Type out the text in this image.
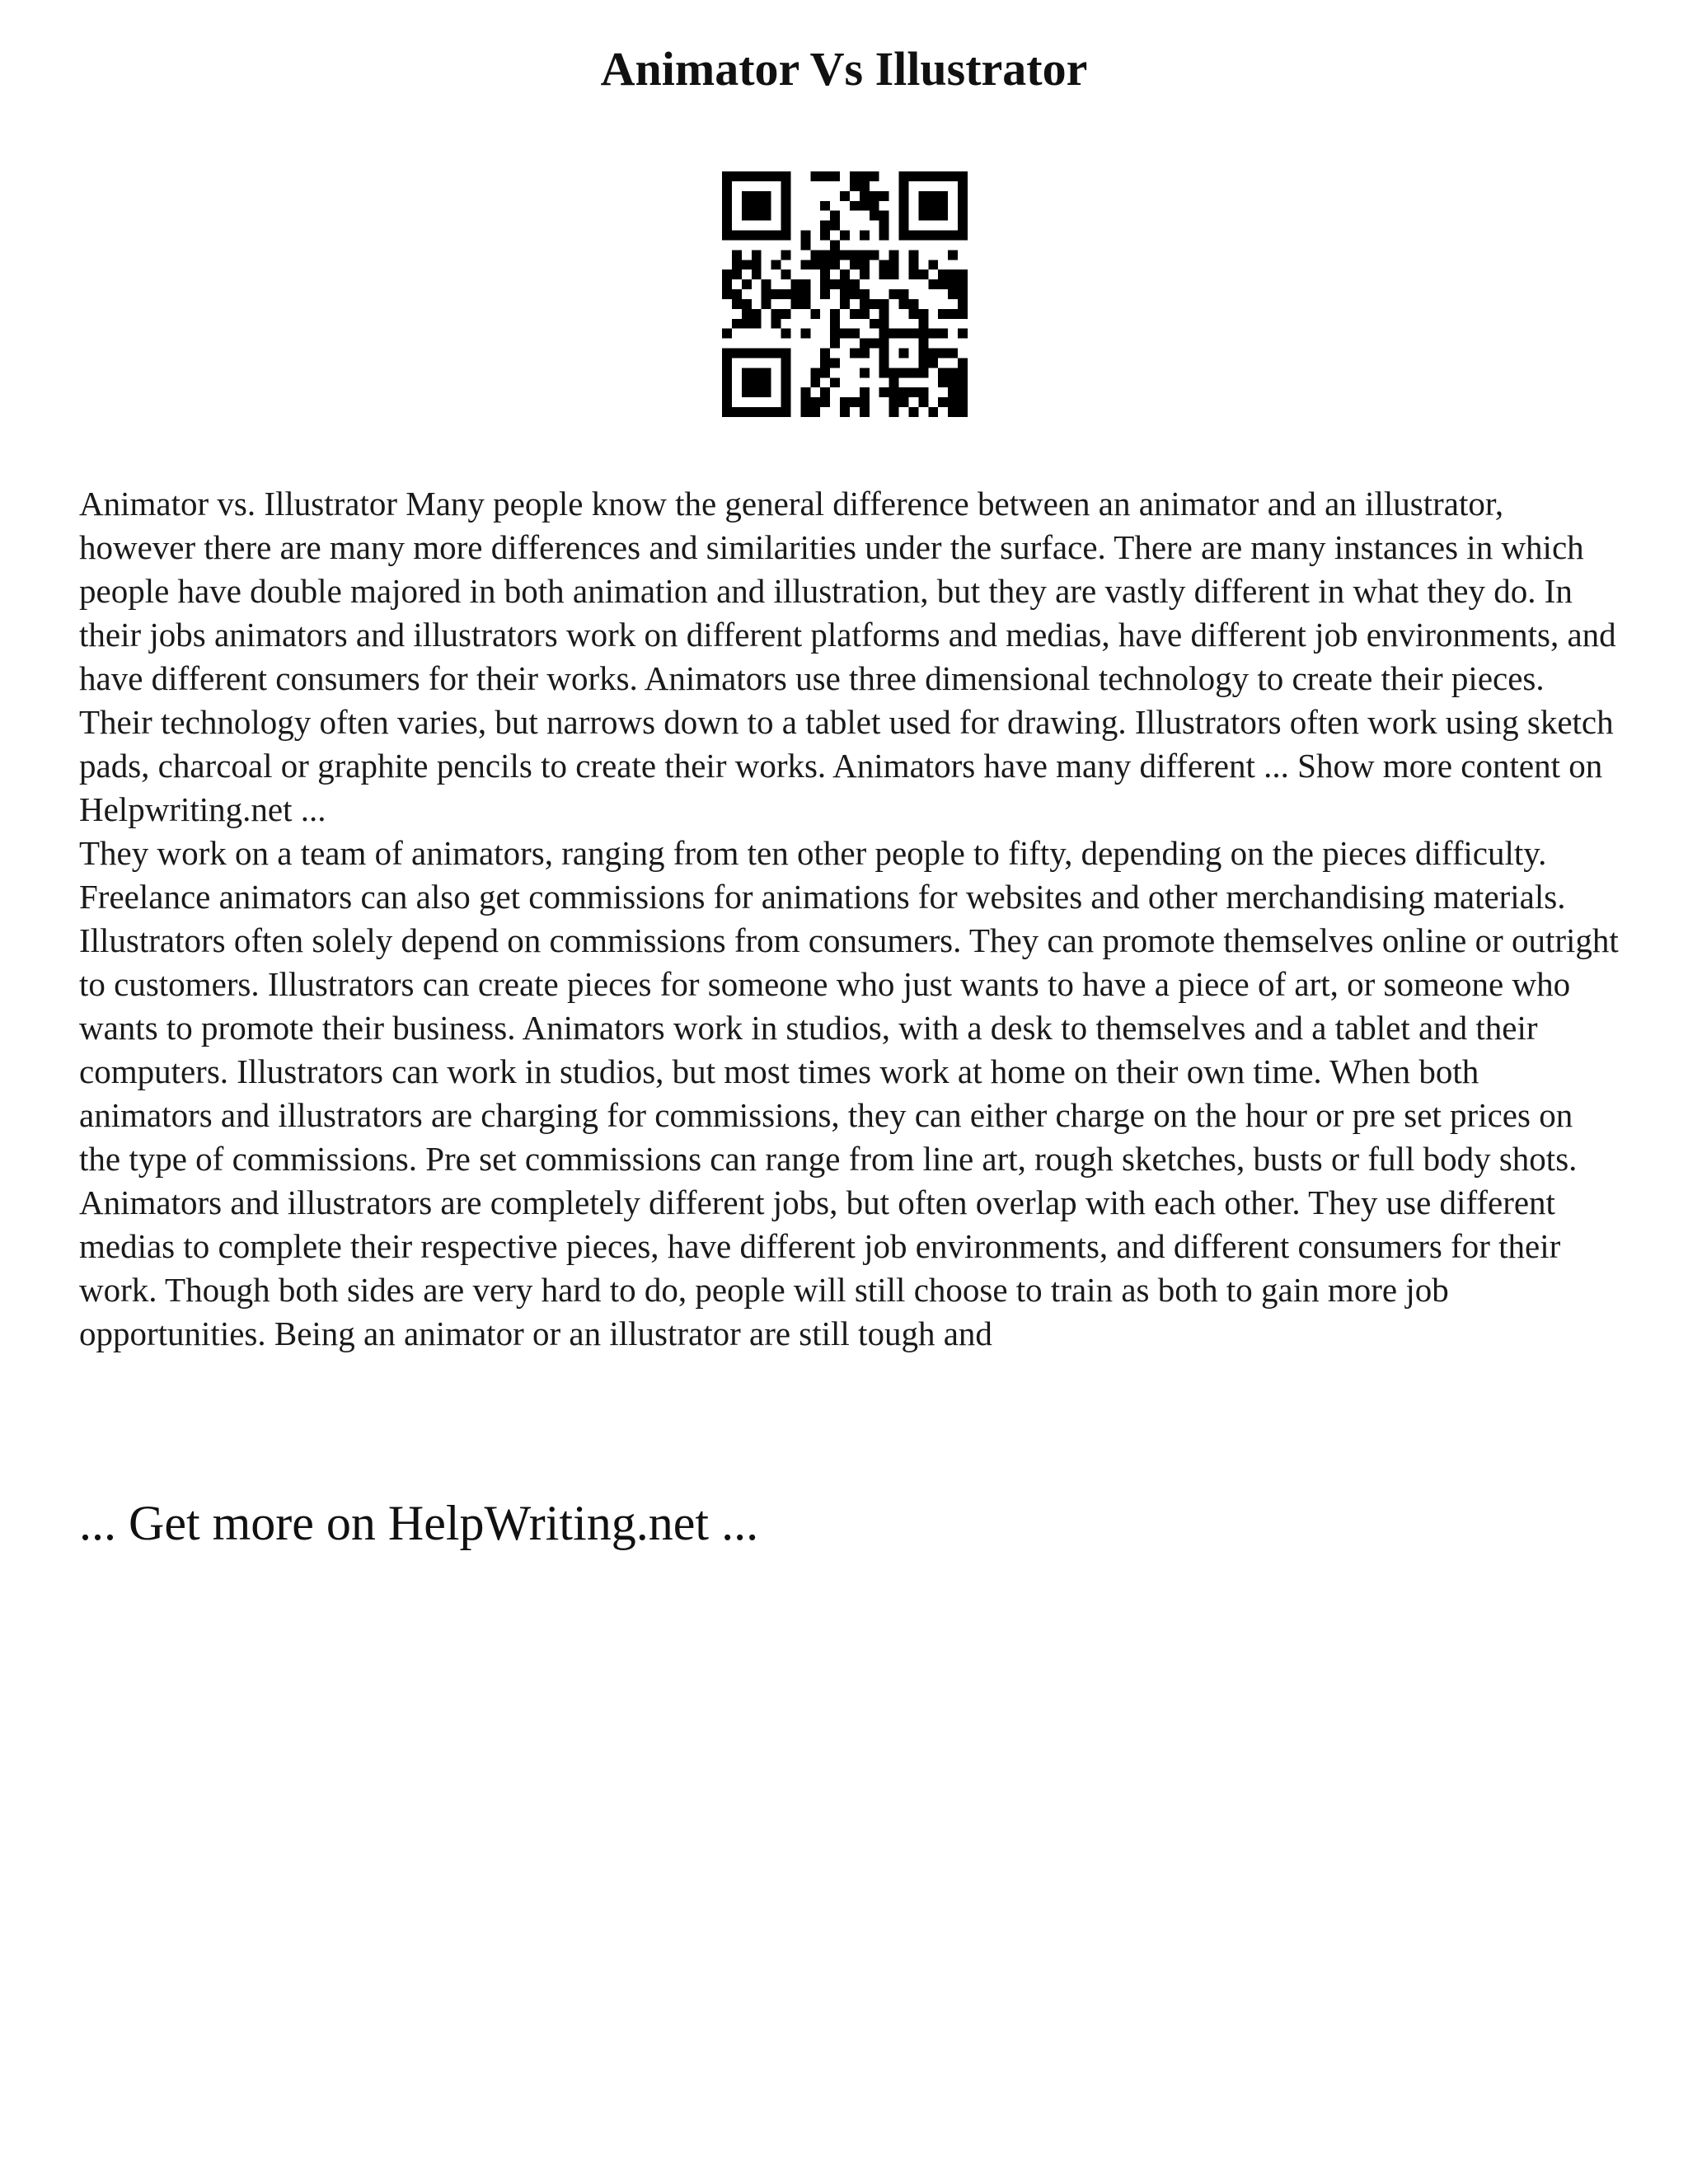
Animator Vs Illustrator

Animator vs. Illustrator Many people know the general difference between an animator and an illustrator, however there are many more differences and similarities under the surface. There are many instances in which people have double majored in both animation and illustration, but they are vastly different in what they do. In their jobs animators and illustrators work on different platforms and medias, have different job environments, and have different consumers for their works. Animators use three dimensional technology to create their pieces. Their technology often varies, but narrows down to a tablet used for drawing. Illustrators often work using sketch pads, charcoal or graphite pencils to create their works. Animators have many different ... Show more content on Helpwriting.net ...

They work on a team of animators, ranging from ten other people to fifty, depending on the pieces difficulty. Freelance animators can also get commissions for animations for websites and other merchandising materials. Illustrators often solely depend on commissions from consumers. They can promote themselves online or outright to customers. Illustrators can create pieces for someone who just wants to have a piece of art, or someone who wants to promote their business. Animators work in studios, with a desk to themselves and a tablet and their computers. Illustrators can work in studios, but most times work at home on their own time. When both animators and illustrators are charging for commissions, they can either charge on the hour or pre set prices on the type of commissions. Pre set commissions can range from line art, rough sketches, busts or full body shots. Animators and illustrators are completely different jobs, but often overlap with each other. They use different medias to complete their respective pieces, have different job environments, and different consumers for their work. Though both sides are very hard to do, people will still choose to train as both to gain more job opportunities. Being an animator or an illustrator are still tough and

... Get more on HelpWriting.net ...
